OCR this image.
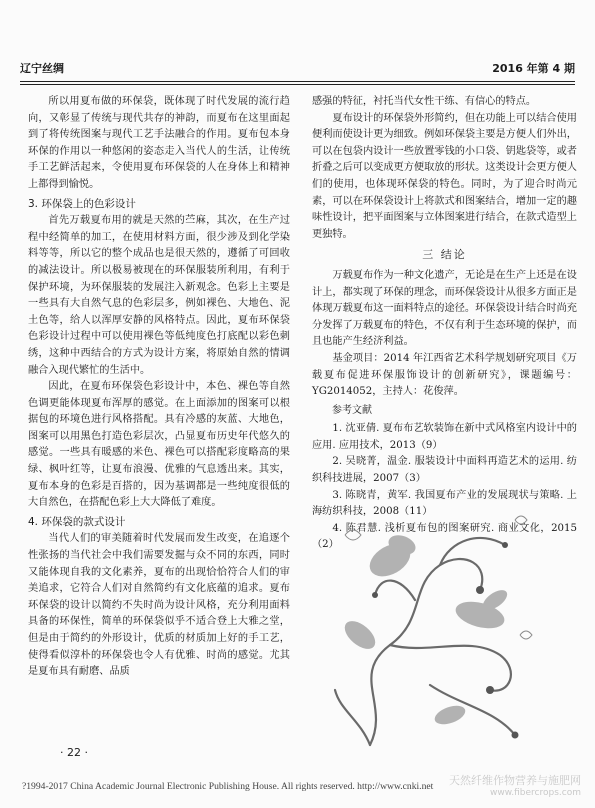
辽宁丝绸	2016 年第 4 期

所以用夏布做的环保袋，既体现了时代发展的流行趋向，又彰显了传统与现代共存的神韵，而夏布在这里面起到了将传统图案与现代工艺手法融合的作用。夏布包本身环保的作用以一种悠闲的姿态走入当代人的生活，让传统手工艺鲜活起来，令使用夏布环保袋的人在身体上和精神上都得到愉悦。

3. 环保袋上的色彩设计

首先万载夏布用的就是天然的苎麻，其次，在生产过程中经简单的加工，在使用材料方面，很少涉及到化学染料等等，所以它的整个成品也是很天然的，遵循了可回收的减法设计。所以极易被现在的环保服装所利用，有利于保护环境，为环保服装的发展注入新观念。色彩上主要是一些具有大自然气息的色彩层多，例如裸色、大地色、泥土色等，给人以浑厚安静的风格特点。因此，夏布环保袋色彩设计过程中可以使用裸色等低纯度色打底配以彩色刺绣，这种中西结合的方式为设计方案，将原始自然的情调融合入现代繁忙的生活中。

因此，在夏布环保袋色彩设计中，本色、裸色等自然色调更能体现夏布浑厚的感觉。在上面添加的图案可以根据包的环境色进行风格搭配。具有冷感的灰蓝、大地色，图案可以用黑色打造色彩层次，凸显夏布历史年代悠久的感觉。一些具有暖感的米色、裸色可以搭配彩度略高的果绿、枫叶红等，让夏布浪漫、优雅的气息透出来。其实，夏布本身的色彩是百搭的，因为基调都是一些纯度很低的大自然色，在搭配色彩上大大降低了难度。

4. 环保袋的款式设计

当代人们的审美随着时代发展而发生改变，在追逐个性张扬的当代社会中我们需要发掘与众不同的东西，同时又能体现自我的文化素养，夏布的出现恰恰符合人们的审美追求，它符合人们对自然简约有文化底蕴的追求。夏布环保袋的设计以简约不失时尚为设计风格，充分利用面料具备的环保性，简单的环保袋似乎不适合登上大雅之堂，但是由于简约的外形设计，优质的材质加上好的手工艺，使得看似淳朴的环保袋也令人有优雅、时尚的感觉。尤其是夏布具有耐磨、品质

感强的特征，衬托当代女性干练、有信心的特点。

夏布设计的环保袋外形简约，但在功能上可以结合使用便利而使设计更为细致。例如环保袋主要是方便人们外出，可以在包袋内设计一些放置零钱的小口袋、钥匙袋等，或者折叠之后可以变成更方便取放的形状。这类设计会更方便人们的使用，也体现环保袋的特色。同时，为了迎合时尚元素，可以在环保袋设计上将款式和图案结合，增加一定的趣味性设计，把平面图案与立体图案进行结合，在款式造型上更独特。

三 结论

万载夏布作为一种文化遗产，无论是在生产上还是在设计上，都实现了环保的理念，而环保袋设计从很多方面正是体现万载夏布这一面料特点的途径。环保袋设计结合时尚充分发挥了万载夏布的特色，不仅有利于生态环境的保护，而且也能产生经济利益。

基金项目：2014 年江西省艺术科学规划研究项目《万载夏布促进环保服饰设计的创新研究》，课题编号：YG2014052，主持人：花俊萍。

参考文献

1. 沈亚倩. 夏布布艺软装饰在新中式风格室内设计中的应用. 应用技术，2013（9）

2. 吴晓菁，温金. 服装设计中面料再造艺术的运用. 纺织科技进展，2007（3）

3. 陈晓青，黄军. 我国夏布产业的发展现状与策略. 上海纺织科技，2008（11）

4. 陈君慧. 浅析夏布包的图案研究. 商业文化，2015（2）

· 22 ·
?1994-2017 China Academic Journal Electronic Publishing House. All rights reserved. http://www.cnki.net	天然纤维作物营养与施肥网
www.fibercrops.com
